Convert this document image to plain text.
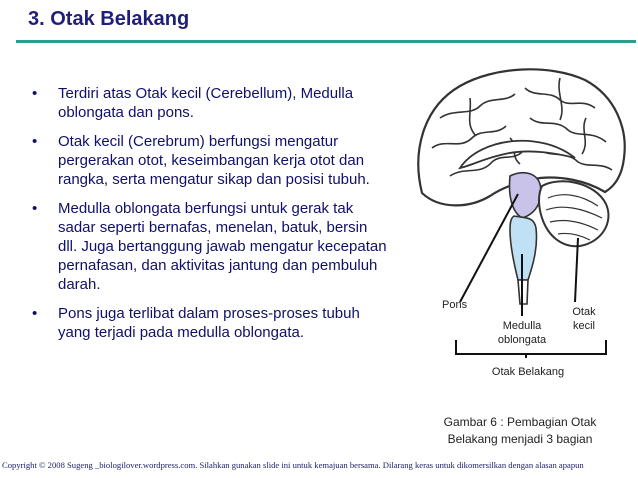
3. Otak Belakang
• Terdiri atas Otak kecil (Cerebellum), Medulla oblongata dan pons.
• Otak kecil (Cerebrum) berfungsi mengatur pergerakan otot, keseimbangan kerja otot dan rangka, serta mengatur sikap dan posisi tubuh.
• Medulla oblongata berfungsi untuk gerak tak sadar seperti bernafas, menelan, batuk, bersin dll. Juga bertanggung jawab mengatur kecepatan pernafasan, dan aktivitas jantung dan pembuluh darah.
• Pons juga terlibat dalam proses-proses tubuh yang terjadi pada medulla oblongata.
Pons
Medulla
oblongata
Otak
kecil
Otak Belakang
Gambar 6 : Pembagian Otak
Belakang menjadi 3 bagian
Copyright © 2008 Sugeng _biologilover.wordpress.com. Silahkan gunakan slide ini untuk kemajuan bersama. Dilarang keras untuk dikomersilkan dengan alasan apapun
